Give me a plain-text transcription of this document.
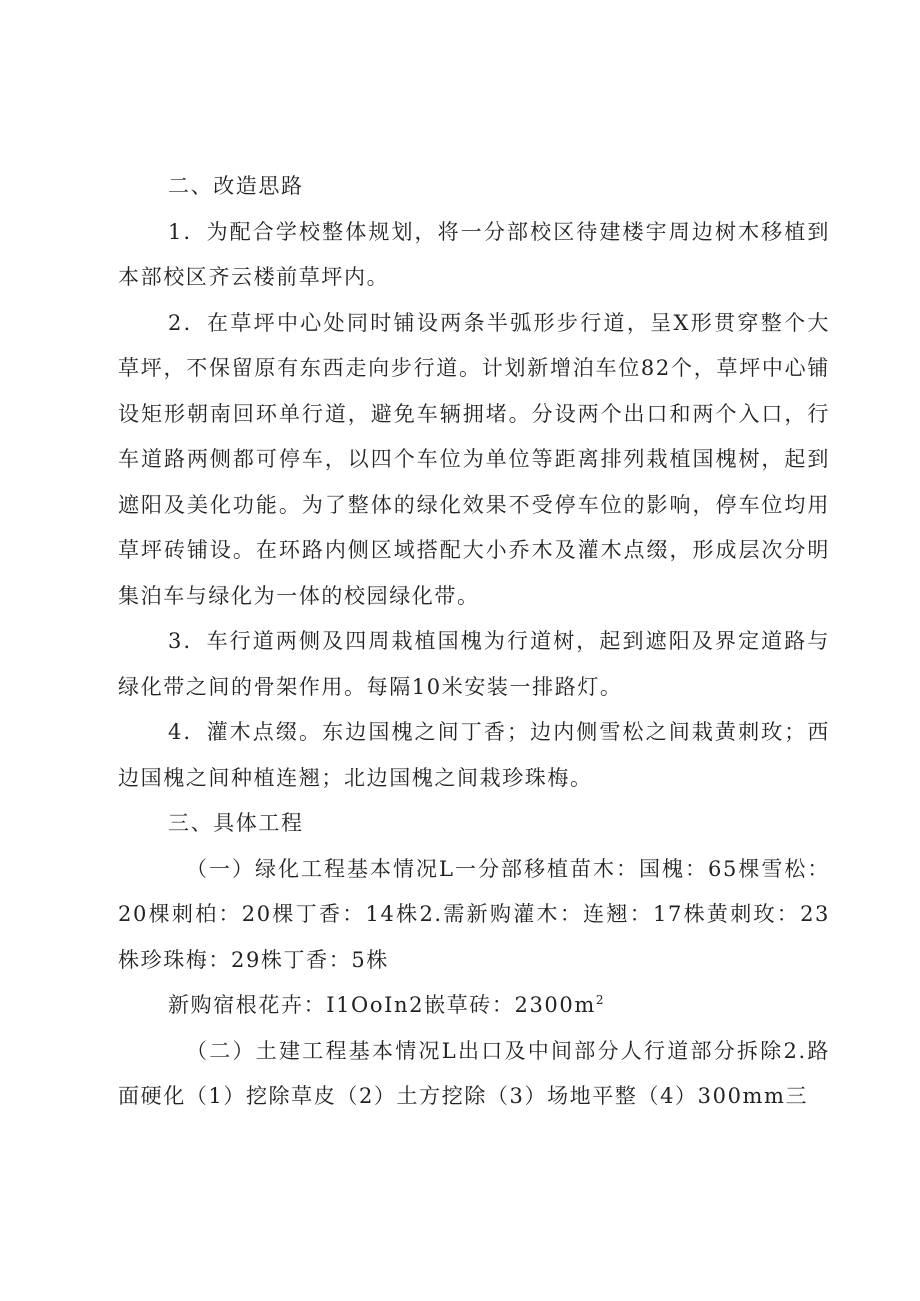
二、改造思路

1．为配合学校整体规划，将一分部校区待建楼宇周边树木移植到本部校区齐云楼前草坪内。

2．在草坪中心处同时铺设两条半弧形步行道，呈X形贯穿整个大草坪，不保留原有东西走向步行道。计划新增泊车位82个，草坪中心铺设矩形朝南回环单行道，避免车辆拥堵。分设两个出口和两个入口，行车道路两侧都可停车，以四个车位为单位等距离排列栽植国槐树，起到遮阳及美化功能。为了整体的绿化效果不受停车位的影响，停车位均用草坪砖铺设。在环路内侧区域搭配大小乔木及灌木点缀，形成层次分明集泊车与绿化为一体的校园绿化带。

3．车行道两侧及四周栽植国槐为行道树，起到遮阳及界定道路与绿化带之间的骨架作用。每隔10米安装一排路灯。

4．灌木点缀。东边国槐之间丁香；边内侧雪松之间栽黄刺玫；西边国槐之间种植连翘；北边国槐之间栽珍珠梅。

三、具体工程

（一）绿化工程基本情况L一分部移植苗木：国槐：65棵雪松：20棵刺柏：20棵丁香：14株2.需新购灌木：连翘：17株黄刺玫：23株珍珠梅：29株丁香：5株

新购宿根花卉：I1OoIn2嵌草砖：$2300m^2$

（二）土建工程基本情况L出口及中间部分人行道部分拆除2.路面硬化（1）挖除草皮（2）土方挖除（3）场地平整（4）300mm三
